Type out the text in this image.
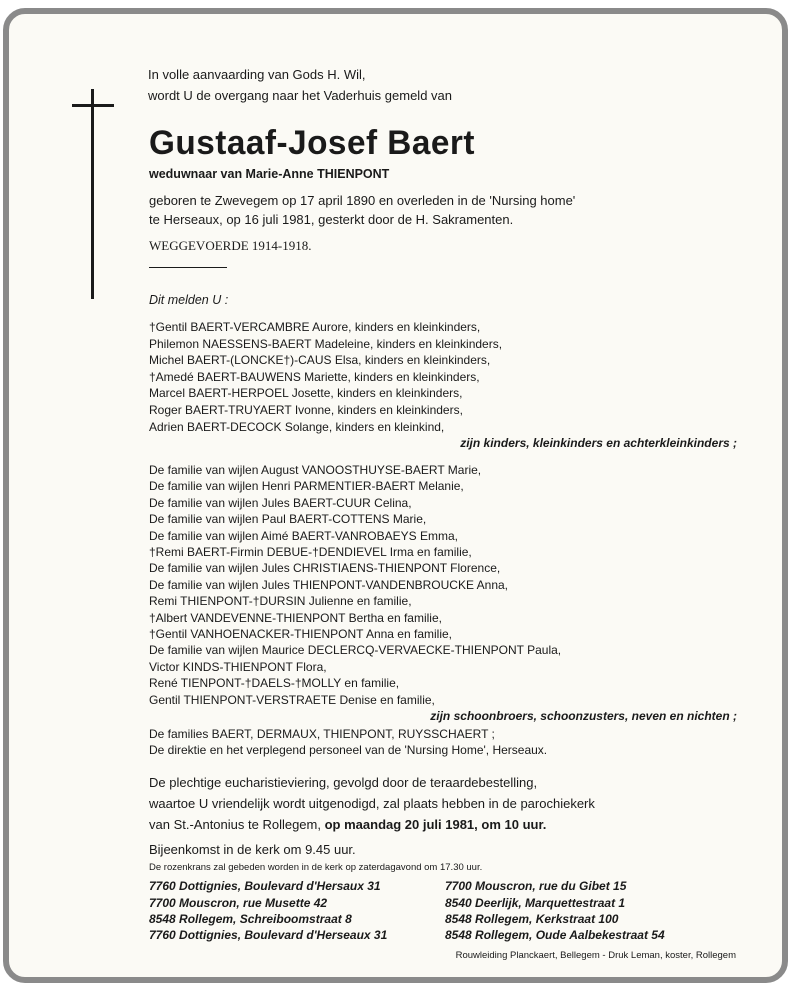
In volle aanvaarding van Gods H. Wil,
wordt U de overgang naar het Vaderhuis gemeld van
Gustaaf-Josef Baert
weduwnaar van Marie-Anne THIENPONT
geboren te Zwevegem op 17 april 1890 en overleden in de 'Nursing home'
te Herseaux, op 16 juli 1981, gesterkt door de H. Sakramenten.
WEGGEVOERDE 1914-1918.
Dit melden U :
†Gentil BAERT-VERCAMBRE Aurore, kinders en kleinkinders,
Philemon NAESSENS-BAERT Madeleine, kinders en kleinkinders,
Michel BAERT-(LONCKE†)-CAUS Elsa, kinders en kleinkinders,
†Amedé BAERT-BAUWENS Mariette, kinders en kleinkinders,
Marcel BAERT-HERPOEL Josette, kinders en kleinkinders,
Roger BAERT-TRUYAERT Ivonne, kinders en kleinkinders,
Adrien BAERT-DECOCK Solange, kinders en kleinkind,
zijn kinders, kleinkinders en achterkleinkinders ;
De familie van wijlen August VANOOSTHUYSE-BAERT Marie,
De familie van wijlen Henri PARMENTIER-BAERT Melanie,
De familie van wijlen Jules BAERT-CUUR Celina,
De familie van wijlen Paul BAERT-COTTENS Marie,
De familie van wijlen Aimé BAERT-VANROBAEYS Emma,
†Remi BAERT-Firmin DEBUE-†DENDIEVEL Irma en familie,
De familie van wijlen Jules CHRISTIAENS-THIENPONT Florence,
De familie van wijlen Jules THIENPONT-VANDENBROUCKE Anna,
Remi THIENPONT-†DURSIN Julienne en familie,
†Albert VANDEVENNE-THIENPONT Bertha en familie,
†Gentil VANHOENACKER-THIENPONT Anna en familie,
De familie van wijlen Maurice DECLERCQ-VERVAECKE-THIENPONT Paula,
Victor KINDS-THIENPONT Flora,
René TIENPONT-†DAELS-†MOLLY en familie,
Gentil THIENPONT-VERSTRAETE Denise en familie,
zijn schoonbroers, schoonzusters, neven en nichten ;
De families BAERT, DERMAUX, THIENPONT, RUYSSCHAERT ;
De direktie en het verplegend personeel van de 'Nursing Home', Herseaux.
De plechtige eucharistieviering, gevolgd door de teraardebestelling,
waartoe U vriendelijk wordt uitgenodigd, zal plaats hebben in de parochiekerk
van St.-Antonius te Rollegem, op maandag 20 juli 1981, om 10 uur.
Bijeenkomst in de kerk om 9.45 uur.
De rozenkrans zal gebeden worden in de kerk op zaterdagavond om 17.30 uur.
7760 Dottignies, Boulevard d'Hersaux 31
7700 Mouscron, rue Musette 42
8548 Rollegem, Schreiboomstraat 8
7760 Dottignies, Boulevard d'Herseaux 31
7700 Mouscron, rue du Gibet 15
8540 Deerlijk, Marquettestraat 1
8548 Rollegem, Kerkstraat 100
8548 Rollegem, Oude Aalbekestraat 54
Rouwleiding Planckaert, Bellegem - Druk Leman, koster, Rollegem
